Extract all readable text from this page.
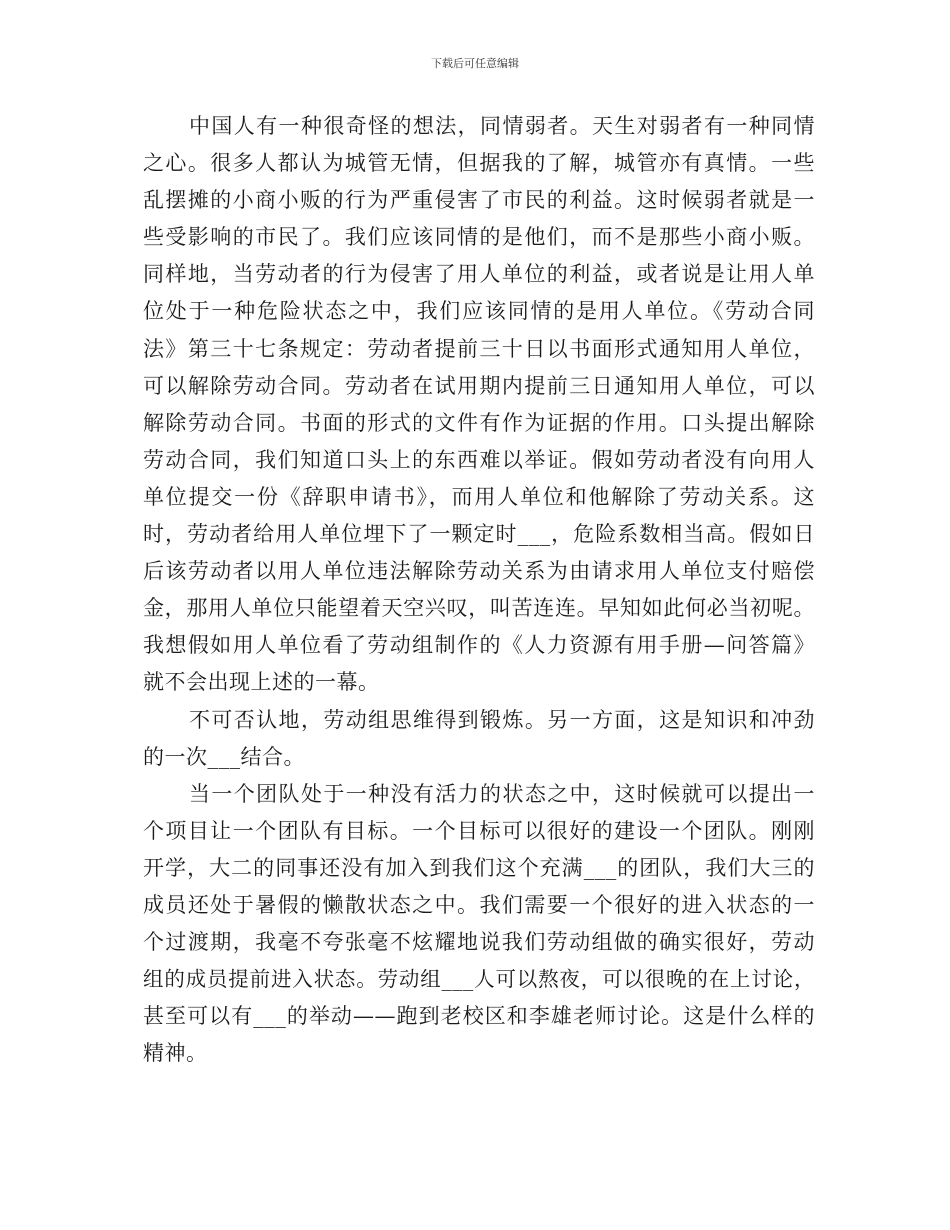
下载后可任意编辑
中国人有一种很奇怪的想法，同情弱者。天生对弱者有一种同情
之心。很多人都认为城管无情，但据我的了解，城管亦有真情。一些
乱摆摊的小商小贩的行为严重侵害了市民的利益。这时候弱者就是一
些受影响的市民了。我们应该同情的是他们，而不是那些小商小贩。
同样地，当劳动者的行为侵害了用人单位的利益，或者说是让用人单
位处于一种危险状态之中，我们应该同情的是用人单位。《劳动合同
法》第三十七条规定：劳动者提前三十日以书面形式通知用人单位，
可以解除劳动合同。劳动者在试用期内提前三日通知用人单位，可以
解除劳动合同。书面的形式的文件有作为证据的作用。口头提出解除
劳动合同，我们知道口头上的东西难以举证。假如劳动者没有向用人
单位提交一份《辞职申请书》，而用人单位和他解除了劳动关系。这
时，劳动者给用人单位埋下了一颗定时___，危险系数相当高。假如日
后该劳动者以用人单位违法解除劳动关系为由请求用人单位支付赔偿
金，那用人单位只能望着天空兴叹，叫苦连连。早知如此何必当初呢。
我想假如用人单位看了劳动组制作的《人力资源有用手册—问答篇》
就不会出现上述的一幕。
不可否认地，劳动组思维得到锻炼。另一方面，这是知识和冲劲
的一次___结合。
当一个团队处于一种没有活力的状态之中，这时候就可以提出一
个项目让一个团队有目标。一个目标可以很好的建设一个团队。刚刚
开学，大二的同事还没有加入到我们这个充满___的团队，我们大三的
成员还处于暑假的懒散状态之中。我们需要一个很好的进入状态的一
个过渡期，我毫不夸张毫不炫耀地说我们劳动组做的确实很好，劳动
组的成员提前进入状态。劳动组___人可以熬夜，可以很晚的在上讨论，
甚至可以有___的举动——跑到老校区和李雄老师讨论。这是什么样的
精神。
